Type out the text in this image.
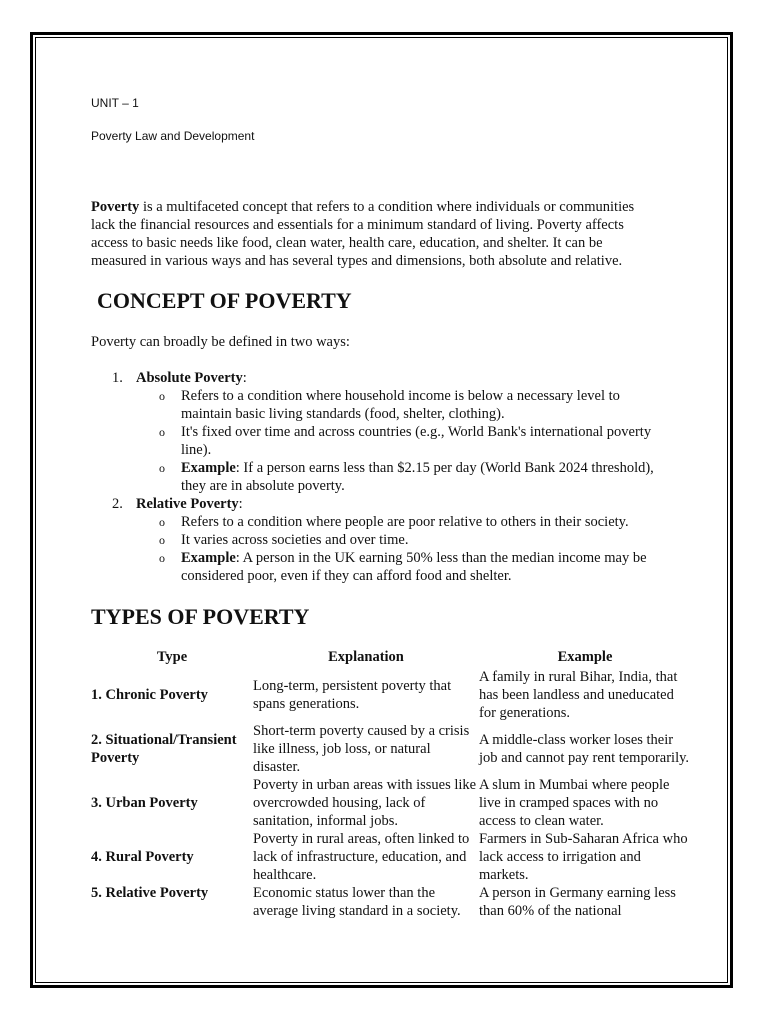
UNIT – 1

Poverty Law and Development

Poverty is a multifaceted concept that refers to a condition where individuals or communities

lack the financial resources and essentials for a minimum standard of living. Poverty affects

access to basic needs like food, clean water, health care, education, and shelter. It can be

measured in various ways and has several types and dimensions, both absolute and relative.

CONCEPT OF POVERTY

Poverty can broadly be defined in two ways:

1. Absolute Poverty:
o Refers to a condition where household income is below a necessary level to

maintain basic living standards (food, shelter, clothing).

o It's fixed over time and across countries (e.g., World Bank's international poverty

line).

o Example: If a person earns less than $2.15 per day (World Bank 2024 threshold),

they are in absolute poverty.

2. Relative Poverty:
o Refers to a condition where people are poor relative to others in their society.

o It varies across societies and over time.

o Example: A person in the UK earning 50% less than the median income may be

considered poor, even if they can afford food and shelter.

TYPES OF POVERTY
Type	Explanation	Example
1. Chronic Poverty	Long-term, persistent poverty that spans generations.	A family in rural Bihar, India, that has been landless and uneducated for generations.
2. Situational/Transient Poverty	Short-term poverty caused by a crisis like illness, job loss, or natural disaster.	A middle-class worker loses their job and cannot pay rent temporarily.
3. Urban Poverty	Poverty in urban areas with issues like overcrowded housing, lack of sanitation, informal jobs.	A slum in Mumbai where people live in cramped spaces with no access to clean water.
4. Rural Poverty	Poverty in rural areas, often linked to lack of infrastructure, education, and healthcare.	Farmers in Sub-Saharan Africa who lack access to irrigation and markets.
5. Relative Poverty	Economic status lower than the average living standard in a society.	A person in Germany earning less than 60% of the national
